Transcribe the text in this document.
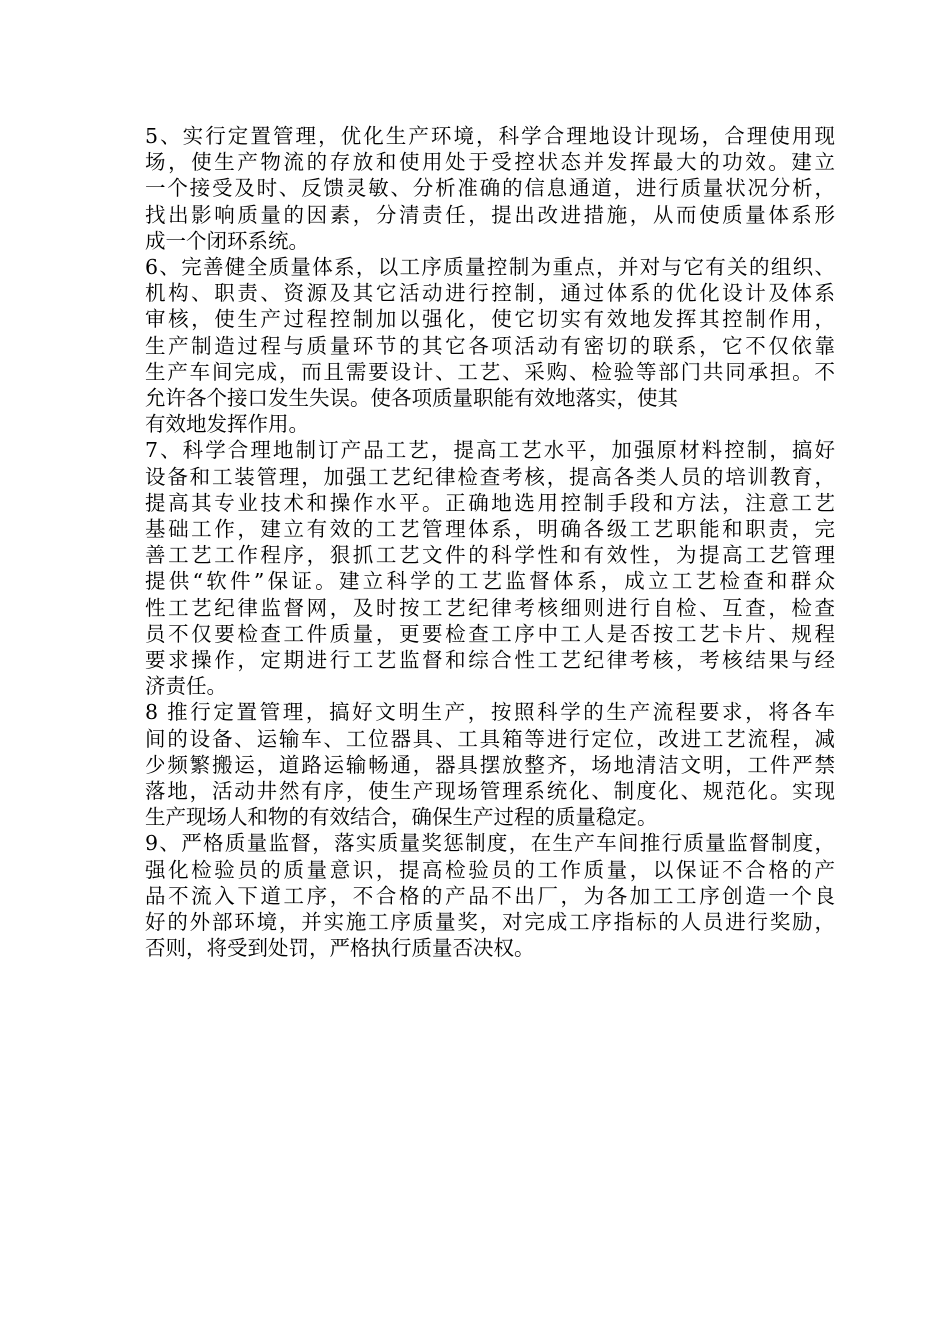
5、实行定置管理，优化生产环境，科学合理地设计现场，合理使用现
场，使生产物流的存放和使用处于受控状态并发挥最大的功效。建立
一个接受及时、反馈灵敏、分析准确的信息通道，进行质量状况分析，
找出影响质量的因素，分清责任，提出改进措施，从而使质量体系形
成一个闭环系统。
6、完善健全质量体系，以工序质量控制为重点，并对与它有关的组织、
机构、职责、资源及其它活动进行控制，通过体系的优化设计及体系
审核，使生产过程控制加以强化，使它切实有效地发挥其控制作用，
生产制造过程与质量环节的其它各项活动有密切的联系，它不仅依靠
生产车间完成，而且需要设计、工艺、采购、检验等部门共同承担。不
允许各个接口发生失误。使各项质量职能有效地落实，使其
有效地发挥作用。
7、科学合理地制订产品工艺，提高工艺水平，加强原材料控制，搞好
设备和工装管理，加强工艺纪律检查考核，提高各类人员的培训教育，
提高其专业技术和操作水平。正确地选用控制手段和方法，注意工艺
基础工作，建立有效的工艺管理体系，明确各级工艺职能和职责，完
善工艺工作程序，狠抓工艺文件的科学性和有效性，为提高工艺管理
提供“软件”保证。建立科学的工艺监督体系，成立工艺检查和群众
性工艺纪律监督网，及时按工艺纪律考核细则进行自检、互查，检查
员不仅要检查工件质量，更要检查工序中工人是否按工艺卡片、规程
要求操作，定期进行工艺监督和综合性工艺纪律考核，考核结果与经
济责任。
8 推行定置管理，搞好文明生产，按照科学的生产流程要求，将各车
间的设备、运输车、工位器具、工具箱等进行定位，改进工艺流程，减
少频繁搬运，道路运输畅通，器具摆放整齐，场地清洁文明，工件严禁
落地，活动井然有序，使生产现场管理系统化、制度化、规范化。实现
生产现场人和物的有效结合，确保生产过程的质量稳定。
9、严格质量监督，落实质量奖惩制度，在生产车间推行质量监督制度，
强化检验员的质量意识，提高检验员的工作质量，以保证不合格的产
品不流入下道工序，不合格的产品不出厂，为各加工工序创造一个良
好的外部环境，并实施工序质量奖，对完成工序指标的人员进行奖励，
否则，将受到处罚，严格执行质量否决权。
